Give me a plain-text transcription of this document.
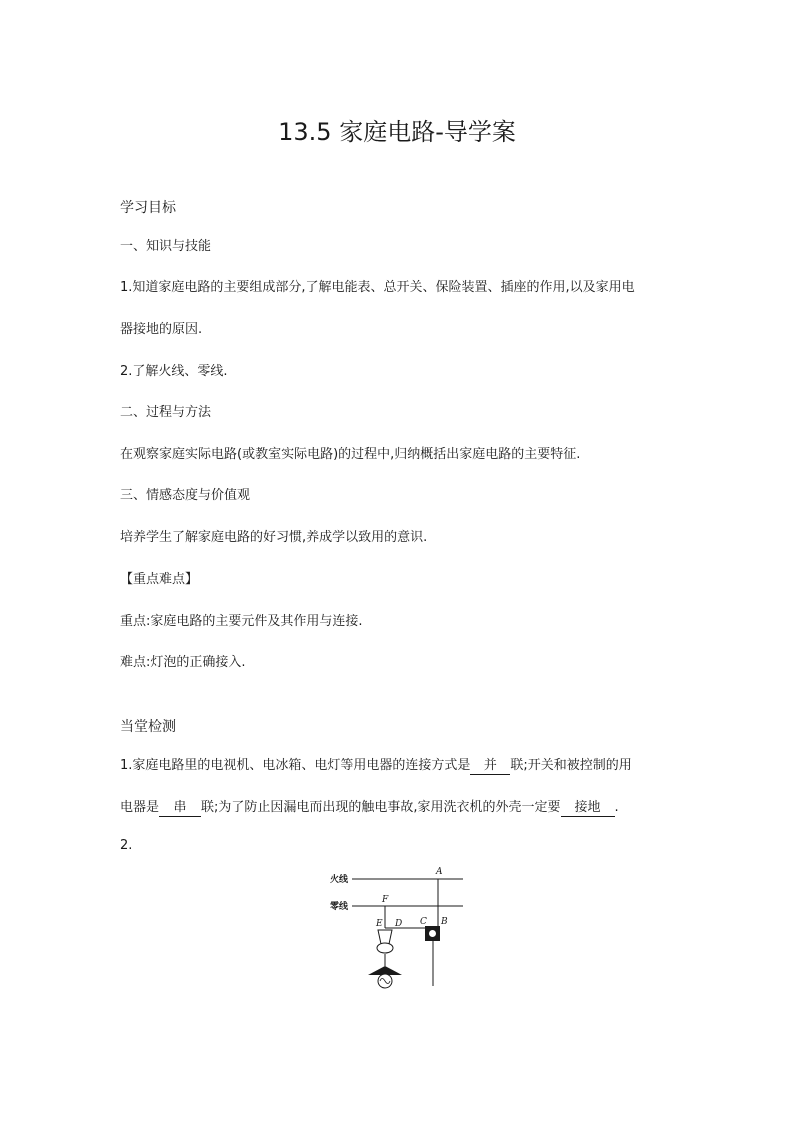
13.5 家庭电路-导学案

学习目标

一、知识与技能

1.知道家庭电路的主要组成部分,了解电能表、总开关、保险装置、插座的作用,以及家用电

器接地的原因.

2.了解火线、零线.

二、过程与方法

在观察家庭实际电路(或教室实际电路)的过程中,归纳概括出家庭电路的主要特征.

三、情感态度与价值观

培养学生了解家庭电路的好习惯,养成学以致用的意识.

【重点难点】

重点:家庭电路的主要元件及其作用与连接.

难点:灯泡的正确接入.

当堂检测

1.家庭电路里的电视机、电冰箱、电灯等用电器的连接方式是 并 联;开关和被控制的用

电器是 串 联;为了防止因漏电而出现的触电事故,家用洗衣机的外壳一定要 接地 .

2.

火线
零线
A
B
C
D
E
F
